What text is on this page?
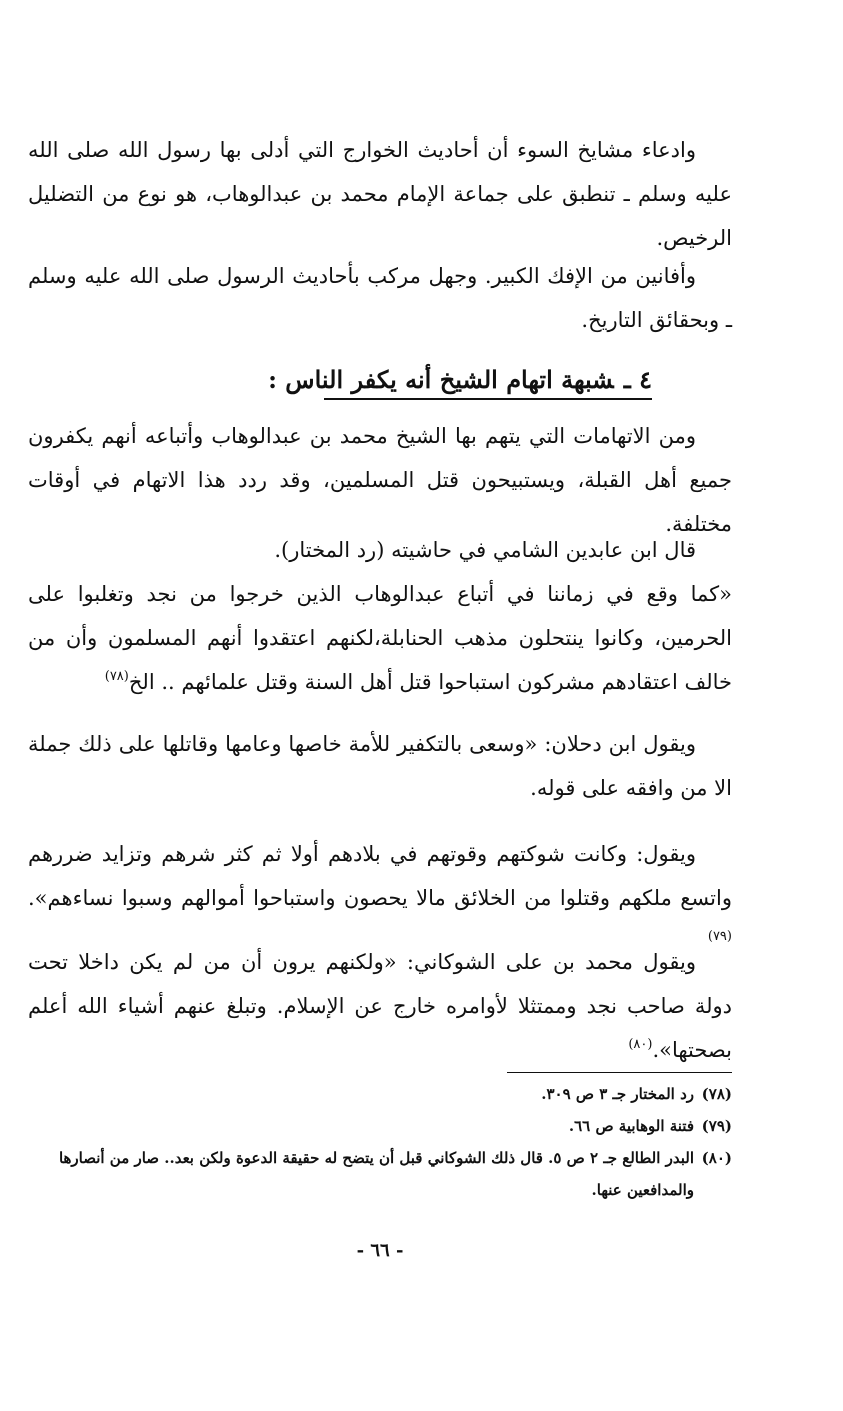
وادعاء مشايخ السوء أن أحاديث الخوارج التي أدلى بها رسول الله صلى الله عليه وسلم ـ تنطبق على جماعة الإمام محمد بن عبدالوهاب، هو نوع من التضليل الرخيص.

وأفانين من الإفك الكبير. وجهل مركب بأحاديث الرسول صلى الله عليه وسلم ـ وبحقائق التاريخ.

٤ ـشبهة اتهام الشيخ أنه يكفر الناس :

ومن الاتهامات التي يتهم بها الشيخ محمد بن عبدالوهاب وأتباعه أنهم يكفرون جميع أهل القبلة، ويستبيحون قتل المسلمين، وقد ردد هذا الاتهام في أوقات مختلفة.

قال ابن عابدين الشامي في حاشيته (رد المختار).

«كما وقع في زماننا في أتباع عبدالوهاب الذين خرجوا من نجد وتغلبوا على الحرمين، وكانوا ينتحلون مذهب الحنابلة،لكنهم اعتقدوا أنهم المسلمون وأن من خالف اعتقادهم مشركون استباحوا قتل أهل السنة وقتل علمائهم .. الخ$^{(٧٨)}$

ويقول ابن دحلان: «وسعى بالتكفير للأمة خاصها وعامها وقاتلها على ذلك جملة الا من وافقه على قوله.

ويقول: وكانت شوكتهم وقوتهم في بلادهم أولا ثم كثر شرهم وتزايد ضررهم واتسع ملكهم وقتلوا من الخلائق مالا يحصون واستباحوا أموالهم وسبوا نساءهم».$^{(٧٩)}$

ويقول محمد بن على الشوكاني: «ولكنهم يرون أن من لم يكن داخلا تحت دولة صاحب نجد وممتثلا لأوامره خارج عن الإسلام. وتبلغ عنهم أشياء الله أعلم بصحتها».$^{(٨٠)}$

(٧٨)
رد المختار جـ ٣ ص ٣٠٩.
(٧٩)
فتنة الوهابية ص ٦٦.
(٨٠)
البدر الطالع جـ ٢ ص ٥. قال ذلك الشوكاني قبل أن يتضح له حقيقة الدعوة ولكن بعد.. صار من أنصارها والمدافعين عنها.
- ٦٦ -
